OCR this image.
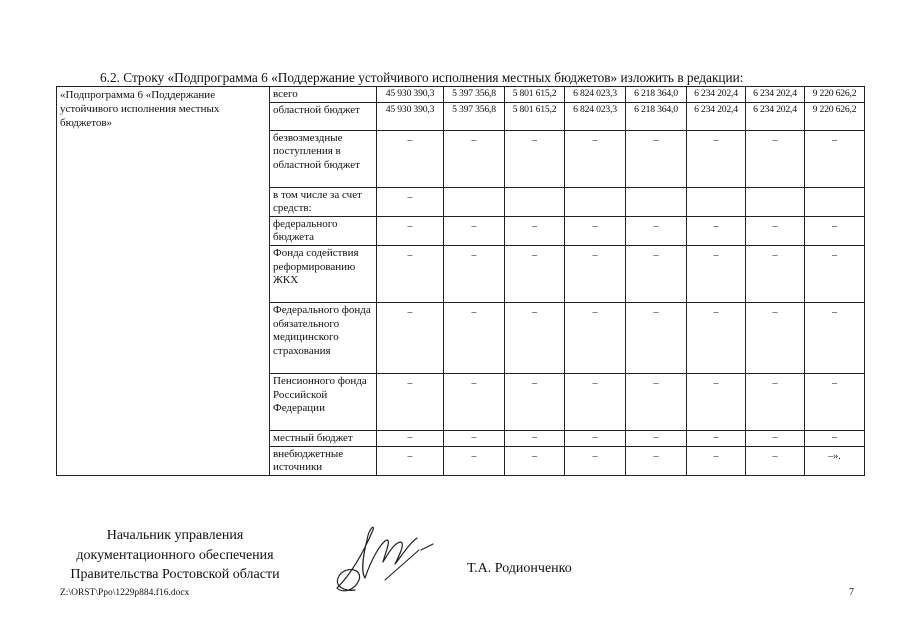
6.2. Строку «Подпрограмма 6 «Поддержание устойчивого исполнения местных бюджетов» изложить в редакции:
«Подпрограмма 6 «Поддержание устойчивого исполнения местных бюджетов»	всего	45 930 390,3	5 397 356,8	5 801 615,2	6 824 023,3	6 218 364,0	6 234 202,4	6 234 202,4	9 220 626,2
	областной бюджет	45 930 390,3	5 397 356,8	5 801 615,2	6 824 023,3	6 218 364,0	6 234 202,4	6 234 202,4	9 220 626,2
	безвозмездные поступления в областной бюджет	–	–	–	–	–	–	–	–
	в том числе за счет средств:	–							
	федерального бюджета	–	–	–	–	–	–	–	–
	Фонда содействия реформированию ЖКХ	–	–	–	–	–	–	–	–
	Федерального фонда обязательного медицинского страхования	–	–	–	–	–	–	–	–
	Пенсионного фонда Российской Федерации	–	–	–	–	–	–	–	–
	местный бюджет	–	–	–	–	–	–	–	–
	внебюджетные источники	–	–	–	–	–	–	–	–».
Начальник управления
документационного обеспечения
Правительства Ростовской области	Т.А. Родионченко
Z:\ORST\Ppo\1229p884.f16.docx	7
